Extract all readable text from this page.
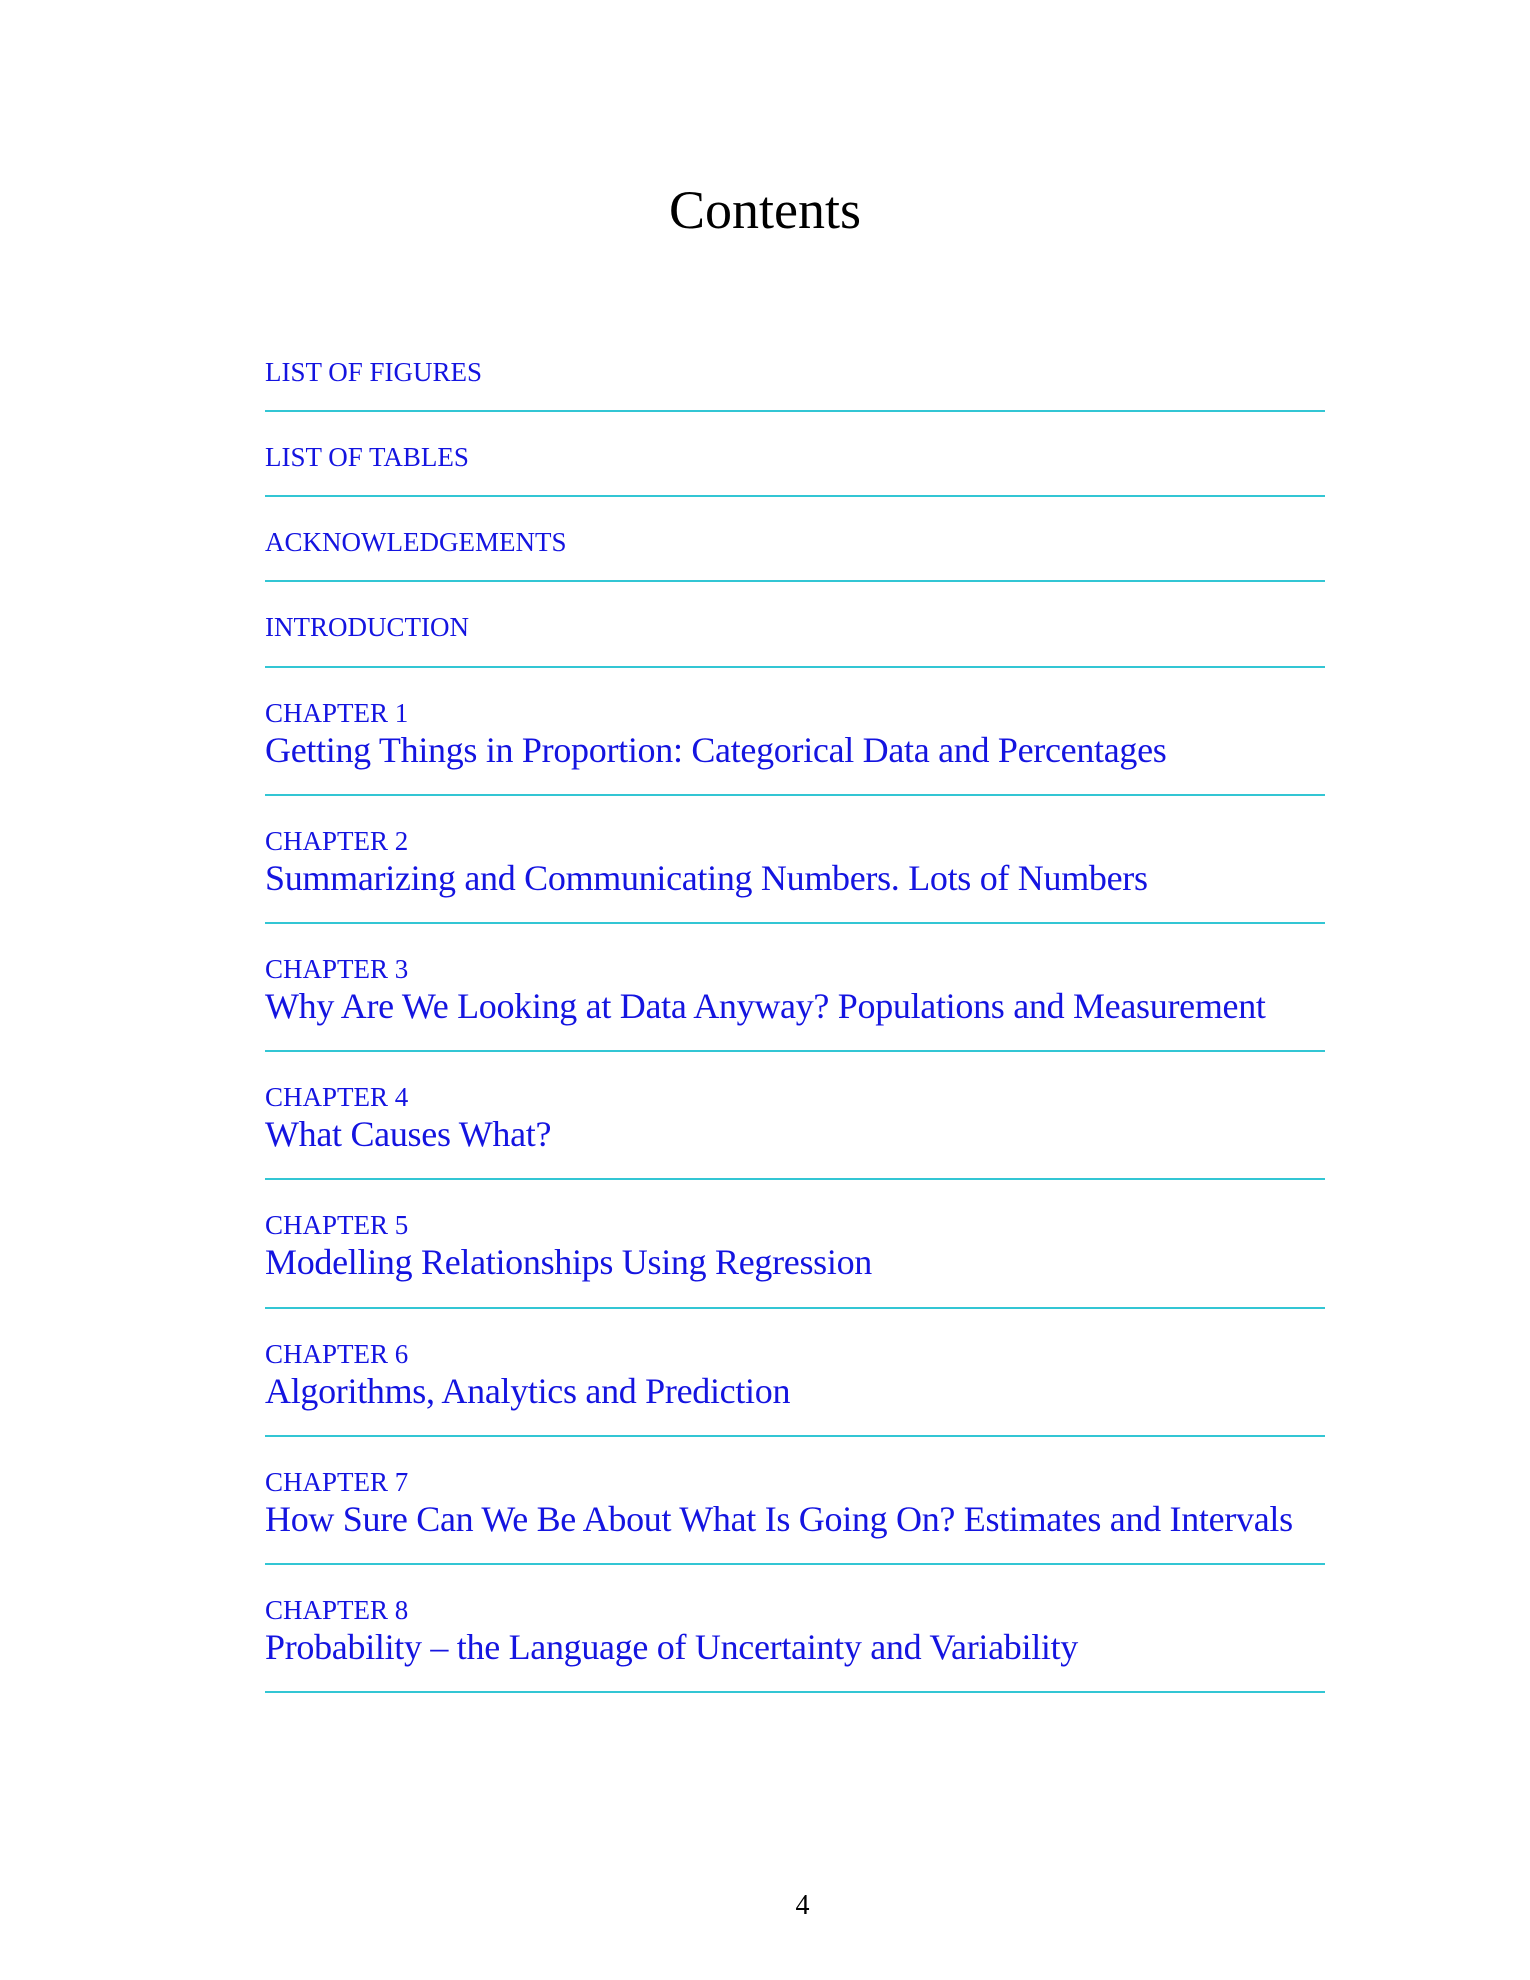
Contents
LIST OF FIGURES
LIST OF TABLES
ACKNOWLEDGEMENTS
INTRODUCTION
CHAPTER 1
Getting Things in Proportion: Categorical Data and Percentages
CHAPTER 2
Summarizing and Communicating Numbers. Lots of Numbers
CHAPTER 3
Why Are We Looking at Data Anyway? Populations and Measurement
CHAPTER 4
What Causes What?
CHAPTER 5
Modelling Relationships Using Regression
CHAPTER 6
Algorithms, Analytics and Prediction
CHAPTER 7
How Sure Can We Be About What Is Going On? Estimates and Intervals
CHAPTER 8
Probability – the Language of Uncertainty and Variability
4
